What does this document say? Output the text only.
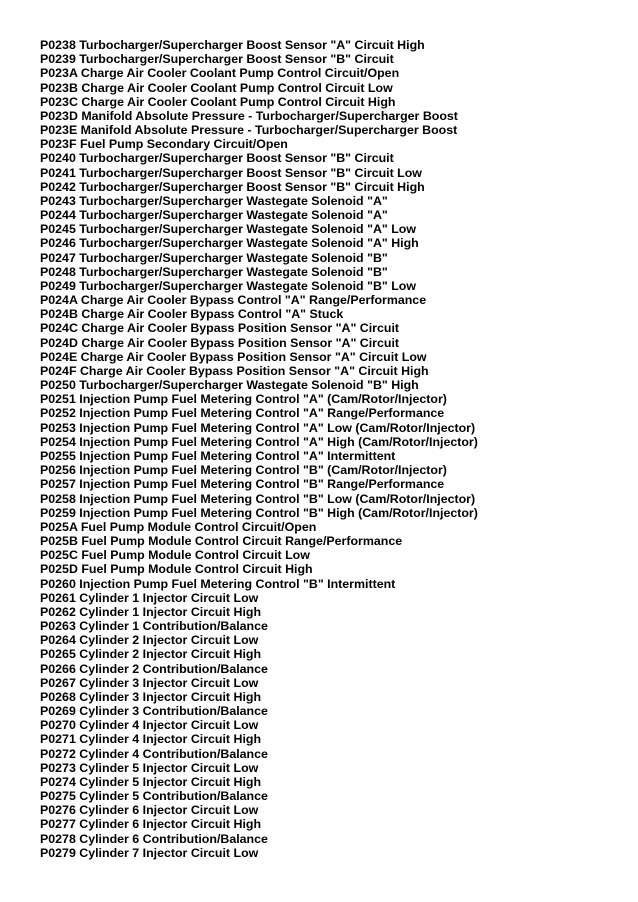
P0238 Turbocharger/Supercharger Boost Sensor "A" Circuit High
P0239 Turbocharger/Supercharger Boost Sensor "B" Circuit
P023A Charge Air Cooler Coolant Pump Control Circuit/Open
P023B Charge Air Cooler Coolant Pump Control Circuit Low
P023C Charge Air Cooler Coolant Pump Control Circuit High
P023D Manifold Absolute Pressure - Turbocharger/Supercharger Boost
P023E Manifold Absolute Pressure - Turbocharger/Supercharger Boost
P023F Fuel Pump Secondary Circuit/Open
P0240 Turbocharger/Supercharger Boost Sensor "B" Circuit
P0241 Turbocharger/Supercharger Boost Sensor "B" Circuit Low
P0242 Turbocharger/Supercharger Boost Sensor "B" Circuit High
P0243 Turbocharger/Supercharger Wastegate Solenoid "A"
P0244 Turbocharger/Supercharger Wastegate Solenoid "A"
P0245 Turbocharger/Supercharger Wastegate Solenoid "A" Low
P0246 Turbocharger/Supercharger Wastegate Solenoid "A" High
P0247 Turbocharger/Supercharger Wastegate Solenoid "B"
P0248 Turbocharger/Supercharger Wastegate Solenoid "B"
P0249 Turbocharger/Supercharger Wastegate Solenoid "B" Low
P024A Charge Air Cooler Bypass Control "A" Range/Performance
P024B Charge Air Cooler Bypass Control "A" Stuck
P024C Charge Air Cooler Bypass Position Sensor "A" Circuit
P024D Charge Air Cooler Bypass Position Sensor "A" Circuit
P024E Charge Air Cooler Bypass Position Sensor "A" Circuit Low
P024F Charge Air Cooler Bypass Position Sensor "A" Circuit High
P0250 Turbocharger/Supercharger Wastegate Solenoid "B" High
P0251 Injection Pump Fuel Metering Control "A" (Cam/Rotor/Injector)
P0252 Injection Pump Fuel Metering Control "A" Range/Performance
P0253 Injection Pump Fuel Metering Control "A" Low (Cam/Rotor/Injector)
P0254 Injection Pump Fuel Metering Control "A" High (Cam/Rotor/Injector)
P0255 Injection Pump Fuel Metering Control "A" Intermittent
P0256 Injection Pump Fuel Metering Control "B" (Cam/Rotor/Injector)
P0257 Injection Pump Fuel Metering Control "B" Range/Performance
P0258 Injection Pump Fuel Metering Control "B" Low (Cam/Rotor/Injector)
P0259 Injection Pump Fuel Metering Control "B" High (Cam/Rotor/Injector)
P025A Fuel Pump Module Control Circuit/Open
P025B Fuel Pump Module Control Circuit Range/Performance
P025C Fuel Pump Module Control Circuit Low
P025D Fuel Pump Module Control Circuit High
P0260 Injection Pump Fuel Metering Control "B" Intermittent
P0261 Cylinder 1 Injector Circuit Low
P0262 Cylinder 1 Injector Circuit High
P0263 Cylinder 1 Contribution/Balance
P0264 Cylinder 2 Injector Circuit Low
P0265 Cylinder 2 Injector Circuit High
P0266 Cylinder 2 Contribution/Balance
P0267 Cylinder 3 Injector Circuit Low
P0268 Cylinder 3 Injector Circuit High
P0269 Cylinder 3 Contribution/Balance
P0270 Cylinder 4 Injector Circuit Low
P0271 Cylinder 4 Injector Circuit High
P0272 Cylinder 4 Contribution/Balance
P0273 Cylinder 5 Injector Circuit Low
P0274 Cylinder 5 Injector Circuit High
P0275 Cylinder 5 Contribution/Balance
P0276 Cylinder 6 Injector Circuit Low
P0277 Cylinder 6 Injector Circuit High
P0278 Cylinder 6 Contribution/Balance
P0279 Cylinder 7 Injector Circuit Low
